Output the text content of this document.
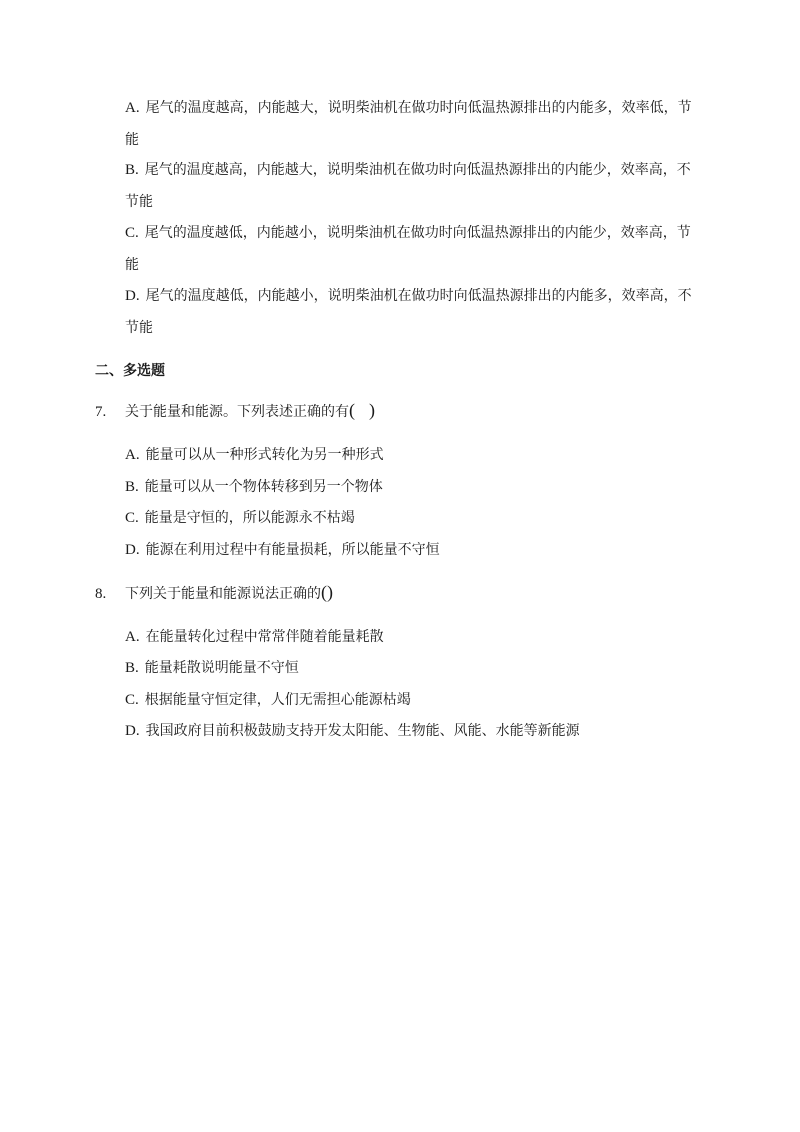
A. 尾气的温度越高，内能越大，说明柴油机在做功时向低温热源排出的内能多，效率低，节
能
B. 尾气的温度越高，内能越大，说明柴油机在做功时向低温热源排出的内能少，效率高，不
节能
C. 尾气的温度越低，内能越小，说明柴油机在做功时向低温热源排出的内能少，效率高，节
能
D. 尾气的温度越低，内能越小，说明柴油机在做功时向低温热源排出的内能多，效率高，不
节能
二、多选题
7. 关于能量和能源。下列表述正确的有( )
A. 能量可以从一种形式转化为另一种形式
B. 能量可以从一个物体转移到另一个物体
C. 能量是守恒的，所以能源永不枯竭
D. 能源在利用过程中有能量损耗，所以能量不守恒
8. 下列关于能量和能源说法正确的()
A. 在能量转化过程中常常伴随着能量耗散
B. 能量耗散说明能量不守恒
C. 根据能量守恒定律，人们无需担心能源枯竭
D. 我国政府目前积极鼓励支持开发太阳能、生物能、风能、水能等新能源
